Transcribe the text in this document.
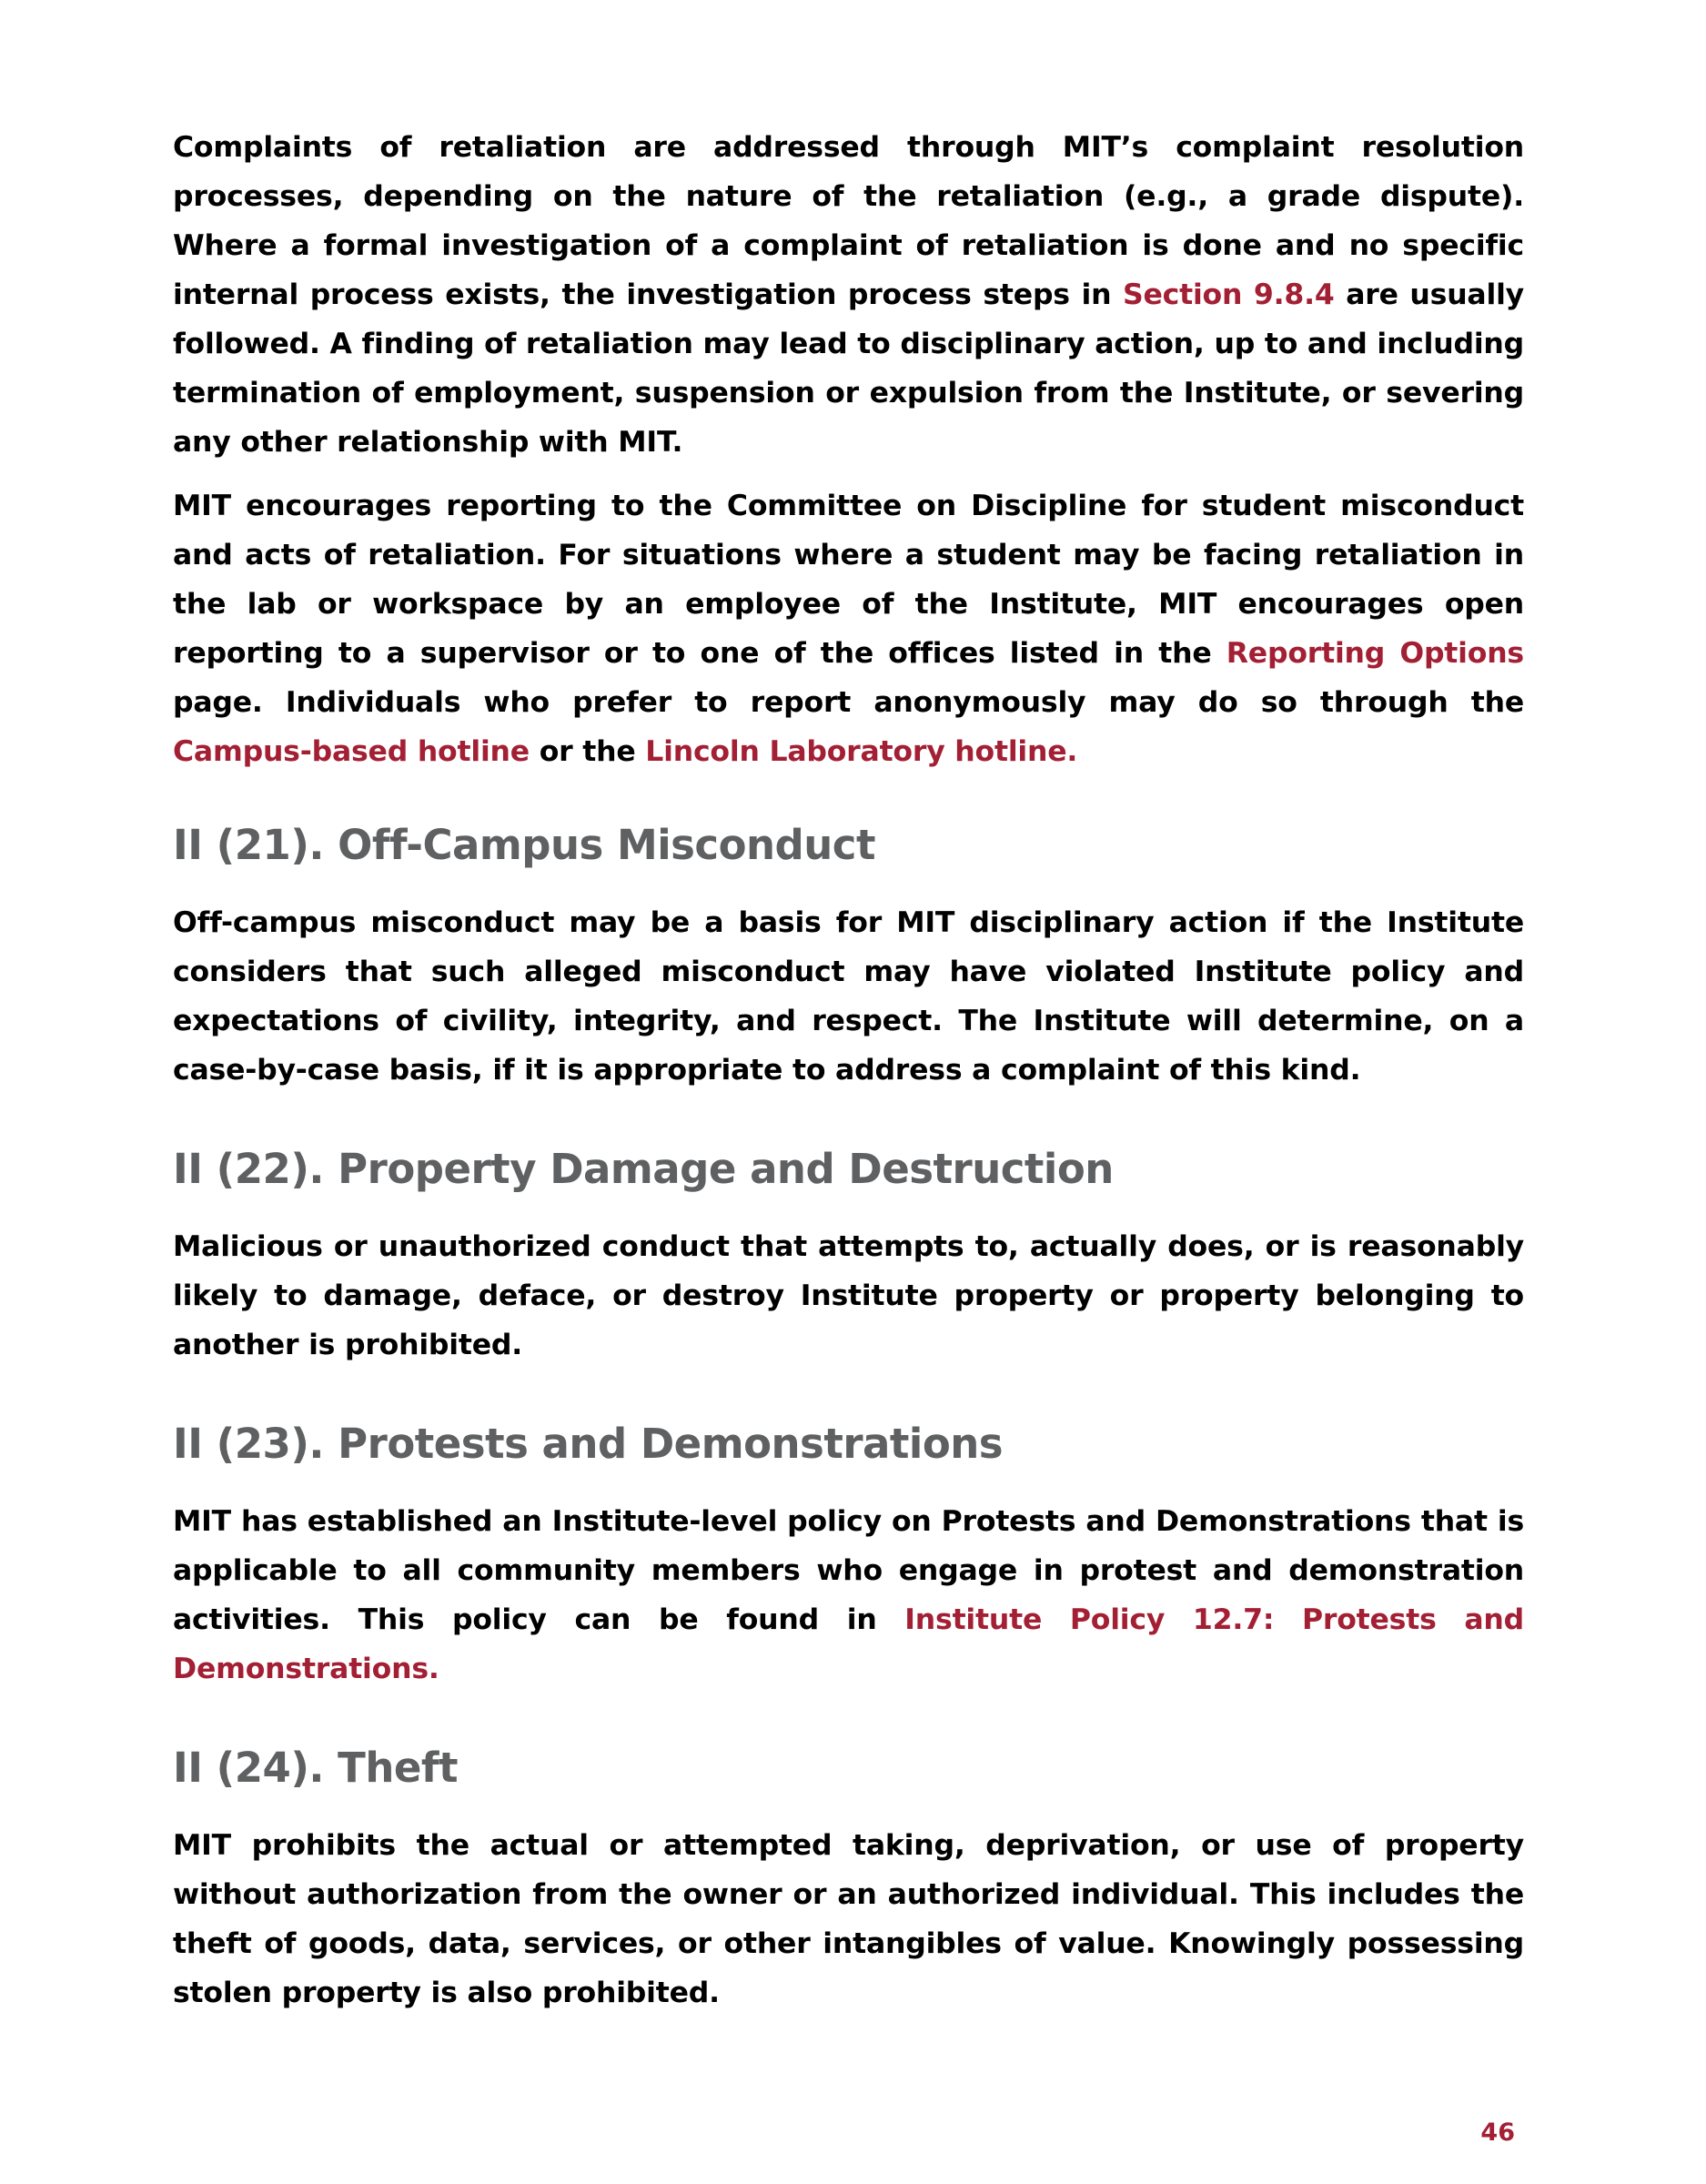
Complaints of retaliation are addressed through MIT’s complaint resolution processes, depending on the nature of the retaliation (e.g., a grade dispute). Where a formal investigation of a complaint of retaliation is done and no specific internal process exists, the investigation process steps in Section 9.8.4 are usually followed. A finding of retaliation may lead to disciplinary action, up to and including termination of employment, suspension or expulsion from the Institute, or severing any other relationship with MIT.

MIT encourages reporting to the Committee on Discipline for student misconduct and acts of retaliation. For situations where a student may be facing retaliation in the lab or workspace by an employee of the Institute, MIT encourages open reporting to a supervisor or to one of the offices listed in the Reporting Options page. Individuals who prefer to report anonymously may do so through the Campus-based hotline or the Lincoln Laboratory hotline.

II (21). Off-Campus Misconduct

Off-campus misconduct may be a basis for MIT disciplinary action if the Institute considers that such alleged misconduct may have violated Institute policy and expectations of civility, integrity, and respect. The Institute will determine, on a case-by-case basis, if it is appropriate to address a complaint of this kind.

II (22). Property Damage and Destruction

Malicious or unauthorized conduct that attempts to, actually does, or is reasonably likely to damage, deface, or destroy Institute property or property belonging to another is prohibited.

II (23). Protests and Demonstrations

MIT has established an Institute-level policy on Protests and Demonstrations that is applicable to all community members who engage in protest and demonstration activities. This policy can be found in Institute Policy 12.7: Protests and Demonstrations.

II (24). Theft

MIT prohibits the actual or attempted taking, deprivation, or use of property without authorization from the owner or an authorized individual. This includes the theft of goods, data, services, or other intangibles of value. Knowingly possessing stolen property is also prohibited.

46
